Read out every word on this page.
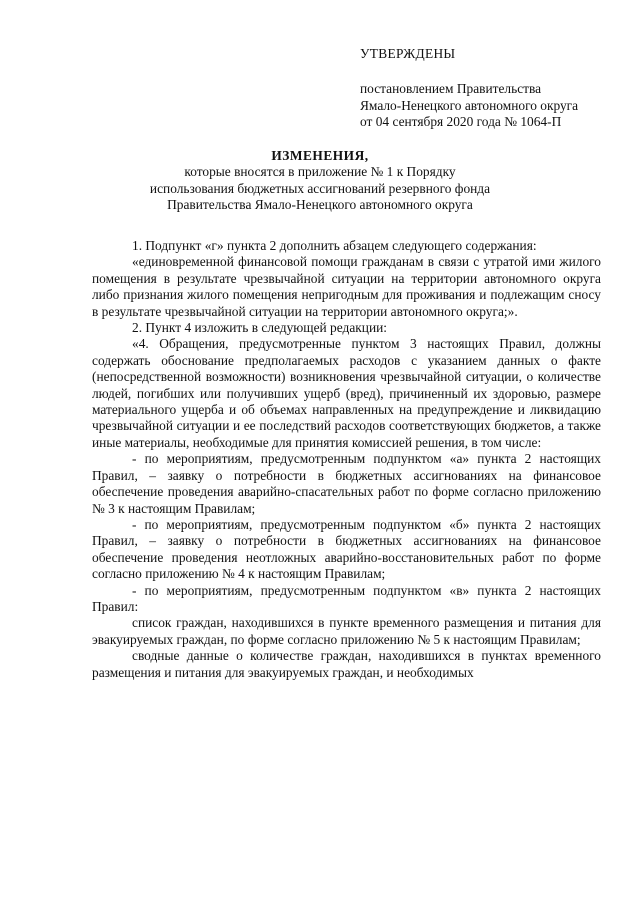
УТВЕРЖДЕНЫ
постановлением Правительства
Ямало-Ненецкого автономного округа
от 04 сентября 2020 года № 1064-П
ИЗМЕНЕНИЯ,
которые вносятся в приложение № 1 к Порядку
использования бюджетных ассигнований резервного фонда
Правительства Ямало-Ненецкого автономного округа

1. Подпункт «г» пункта 2 дополнить абзацем следующего содержания:

«единовременной финансовой помощи гражданам в связи с утратой ими жилого помещения в результате чрезвычайной ситуации на территории автономного округа либо признания жилого помещения непригодным для проживания и подлежащим сносу в результате чрезвычайной ситуации на территории автономного округа;».

2. Пункт 4 изложить в следующей редакции:

«4. Обращения, предусмотренные пунктом 3 настоящих Правил, должны содержать обоснование предполагаемых расходов с указанием данных о факте (непосредственной возможности) возникновения чрезвычайной ситуации, о количестве людей, погибших или получивших ущерб (вред), причиненный их здоровью, размере материального ущерба и об объемах направленных на предупреждение и ликвидацию чрезвычайной ситуации и ее последствий расходов соответствующих бюджетов, а также иные материалы, необходимые для принятия комиссией решения, в том числе:

- по мероприятиям, предусмотренным подпунктом «а» пункта 2 настоящих Правил, – заявку о потребности в бюджетных ассигнованиях на финансовое обеспечение проведения аварийно-спасательных работ по форме согласно приложению № 3 к настоящим Правилам;

- по мероприятиям, предусмотренным подпунктом «б» пункта 2 настоящих Правил, – заявку о потребности в бюджетных ассигнованиях на финансовое обеспечение проведения неотложных аварийно-восстановительных работ по форме согласно приложению № 4 к настоящим Правилам;

- по мероприятиям, предусмотренным подпунктом «в» пункта 2 настоящих Правил:

список граждан, находившихся в пункте временного размещения и питания для эвакуируемых граждан, по форме согласно приложению № 5 к настоящим Правилам;

сводные данные о количестве граждан, находившихся в пунктах временного размещения и питания для эвакуируемых граждан, и необходимых
